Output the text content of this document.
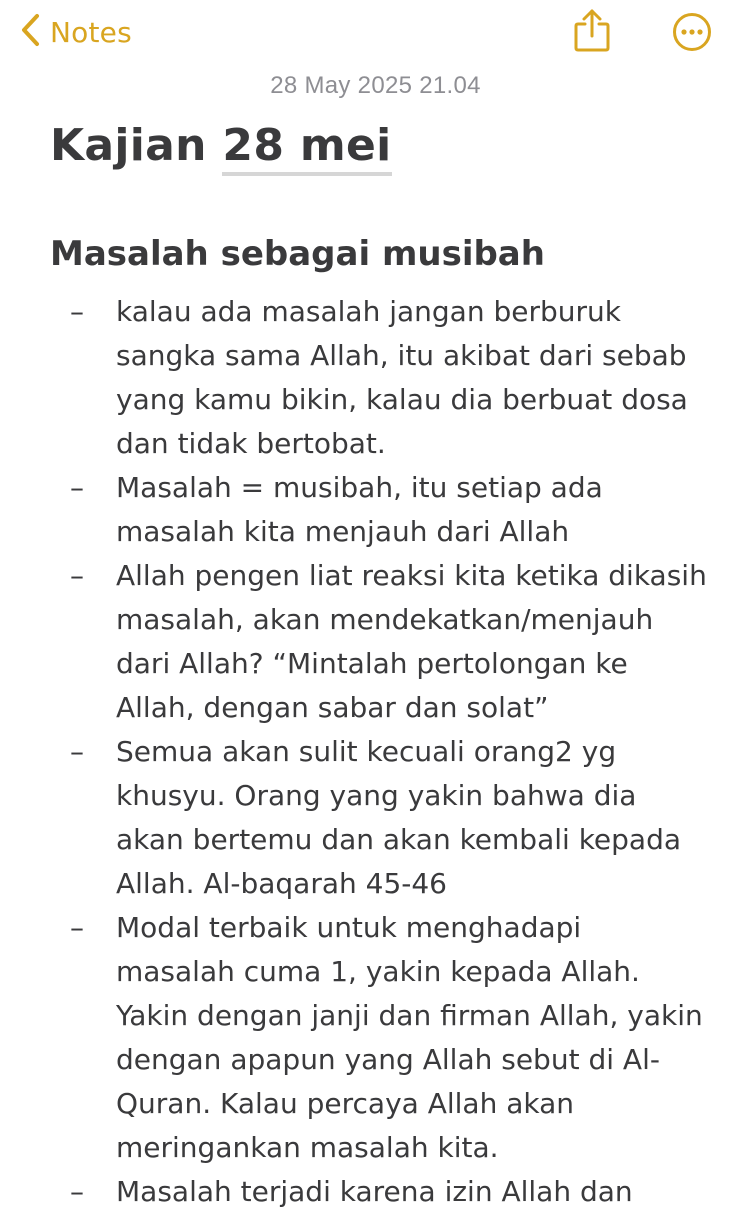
Notes
28 May 2025 21.04
Kajian 28 mei
Masalah sebagai musibah
–	kalau ada masalah jangan berburuk
sangka sama Allah, itu akibat dari sebab
yang kamu bikin, kalau dia berbuat dosa
dan tidak bertobat.
–	Masalah = musibah, itu setiap ada
masalah kita menjauh dari Allah
–	Allah pengen liat reaksi kita ketika dikasih
masalah, akan mendekatkan/menjauh
dari Allah? “Mintalah pertolongan ke
Allah, dengan sabar dan solat”
–	Semua akan sulit kecuali orang2 yg
khusyu. Orang yang yakin bahwa dia
akan bertemu dan akan kembali kepada
Allah. Al-baqarah 45-46
–	Modal terbaik untuk menghadapi
masalah cuma 1, yakin kepada Allah.
Yakin dengan janji dan firman Allah, yakin
dengan apapun yang Allah sebut di Al-
Quran. Kalau percaya Allah akan
meringankan masalah kita.
–	Masalah terjadi karena izin Allah dan
